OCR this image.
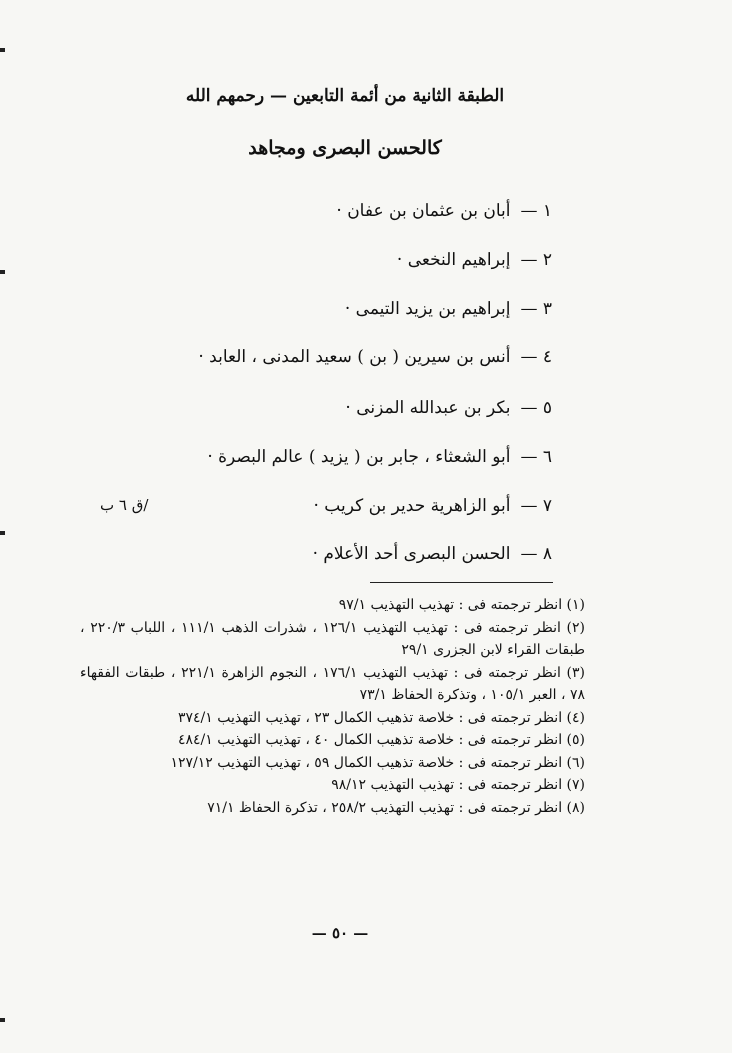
الطبقة الثانية من أئمة التابعين — رحمهم الله
كالحسن البصرى ومجاهد
١ —أبان بن عثمان بن عفان ·
٢ —إبراهيم النخعى ·
٣ —إبراهيم بن يزيد التيمى ·
٤ —أنس بن سيرين ( بن ) سعيد المدنى ، العابد ·
٥ —بكر بن عبدالله المزنى ·
٦ —أبو الشعثاء ، جابر بن ( يزيد ) عالم البصرة ·
٧ —أبو الزاهرية حدير بن كريب ·
٨ —الحسن البصرى أحد الأعلام ·
/ق ٦ ب
(١) انظر ترجمته فى : تهذيب التهذيب ٩٧/١
(٢) انظر ترجمته فى : تهذيب التهذيب ١٢٦/١ ، شذرات الذهب ١١١/١ ، اللباب ٢٢٠/٣ ، طبقات القراء لابن الجزرى ٢٩/١
(٣) انظر ترجمته فى : تهذيب التهذيب ١٧٦/١ ، النجوم الزاهرة ٢٢١/١ ، طبقات الفقهاء ٧٨ ، العبر ١٠٥/١ ، وتذكرة الحفاظ ٧٣/١
(٤) انظر ترجمته فى : خلاصة تذهيب الكمال ٢٣ ، تهذيب التهذيب ٣٧٤/١
(٥) انظر ترجمته فى : خلاصة تذهيب الكمال ٤٠ ، تهذيب التهذيب ٤٨٤/١
(٦) انظر ترجمته فى : خلاصة تذهيب الكمال ٥٩ ، تهذيب التهذيب ١٢٧/١٢
(٧) انظر ترجمته فى : تهذيب التهذيب ٩٨/١٢
(٨) انظر ترجمته فى : تهذيب التهذيب ٢٥٨/٢ ، تذكرة الحفاظ ٧١/١
— ٥٠ —
